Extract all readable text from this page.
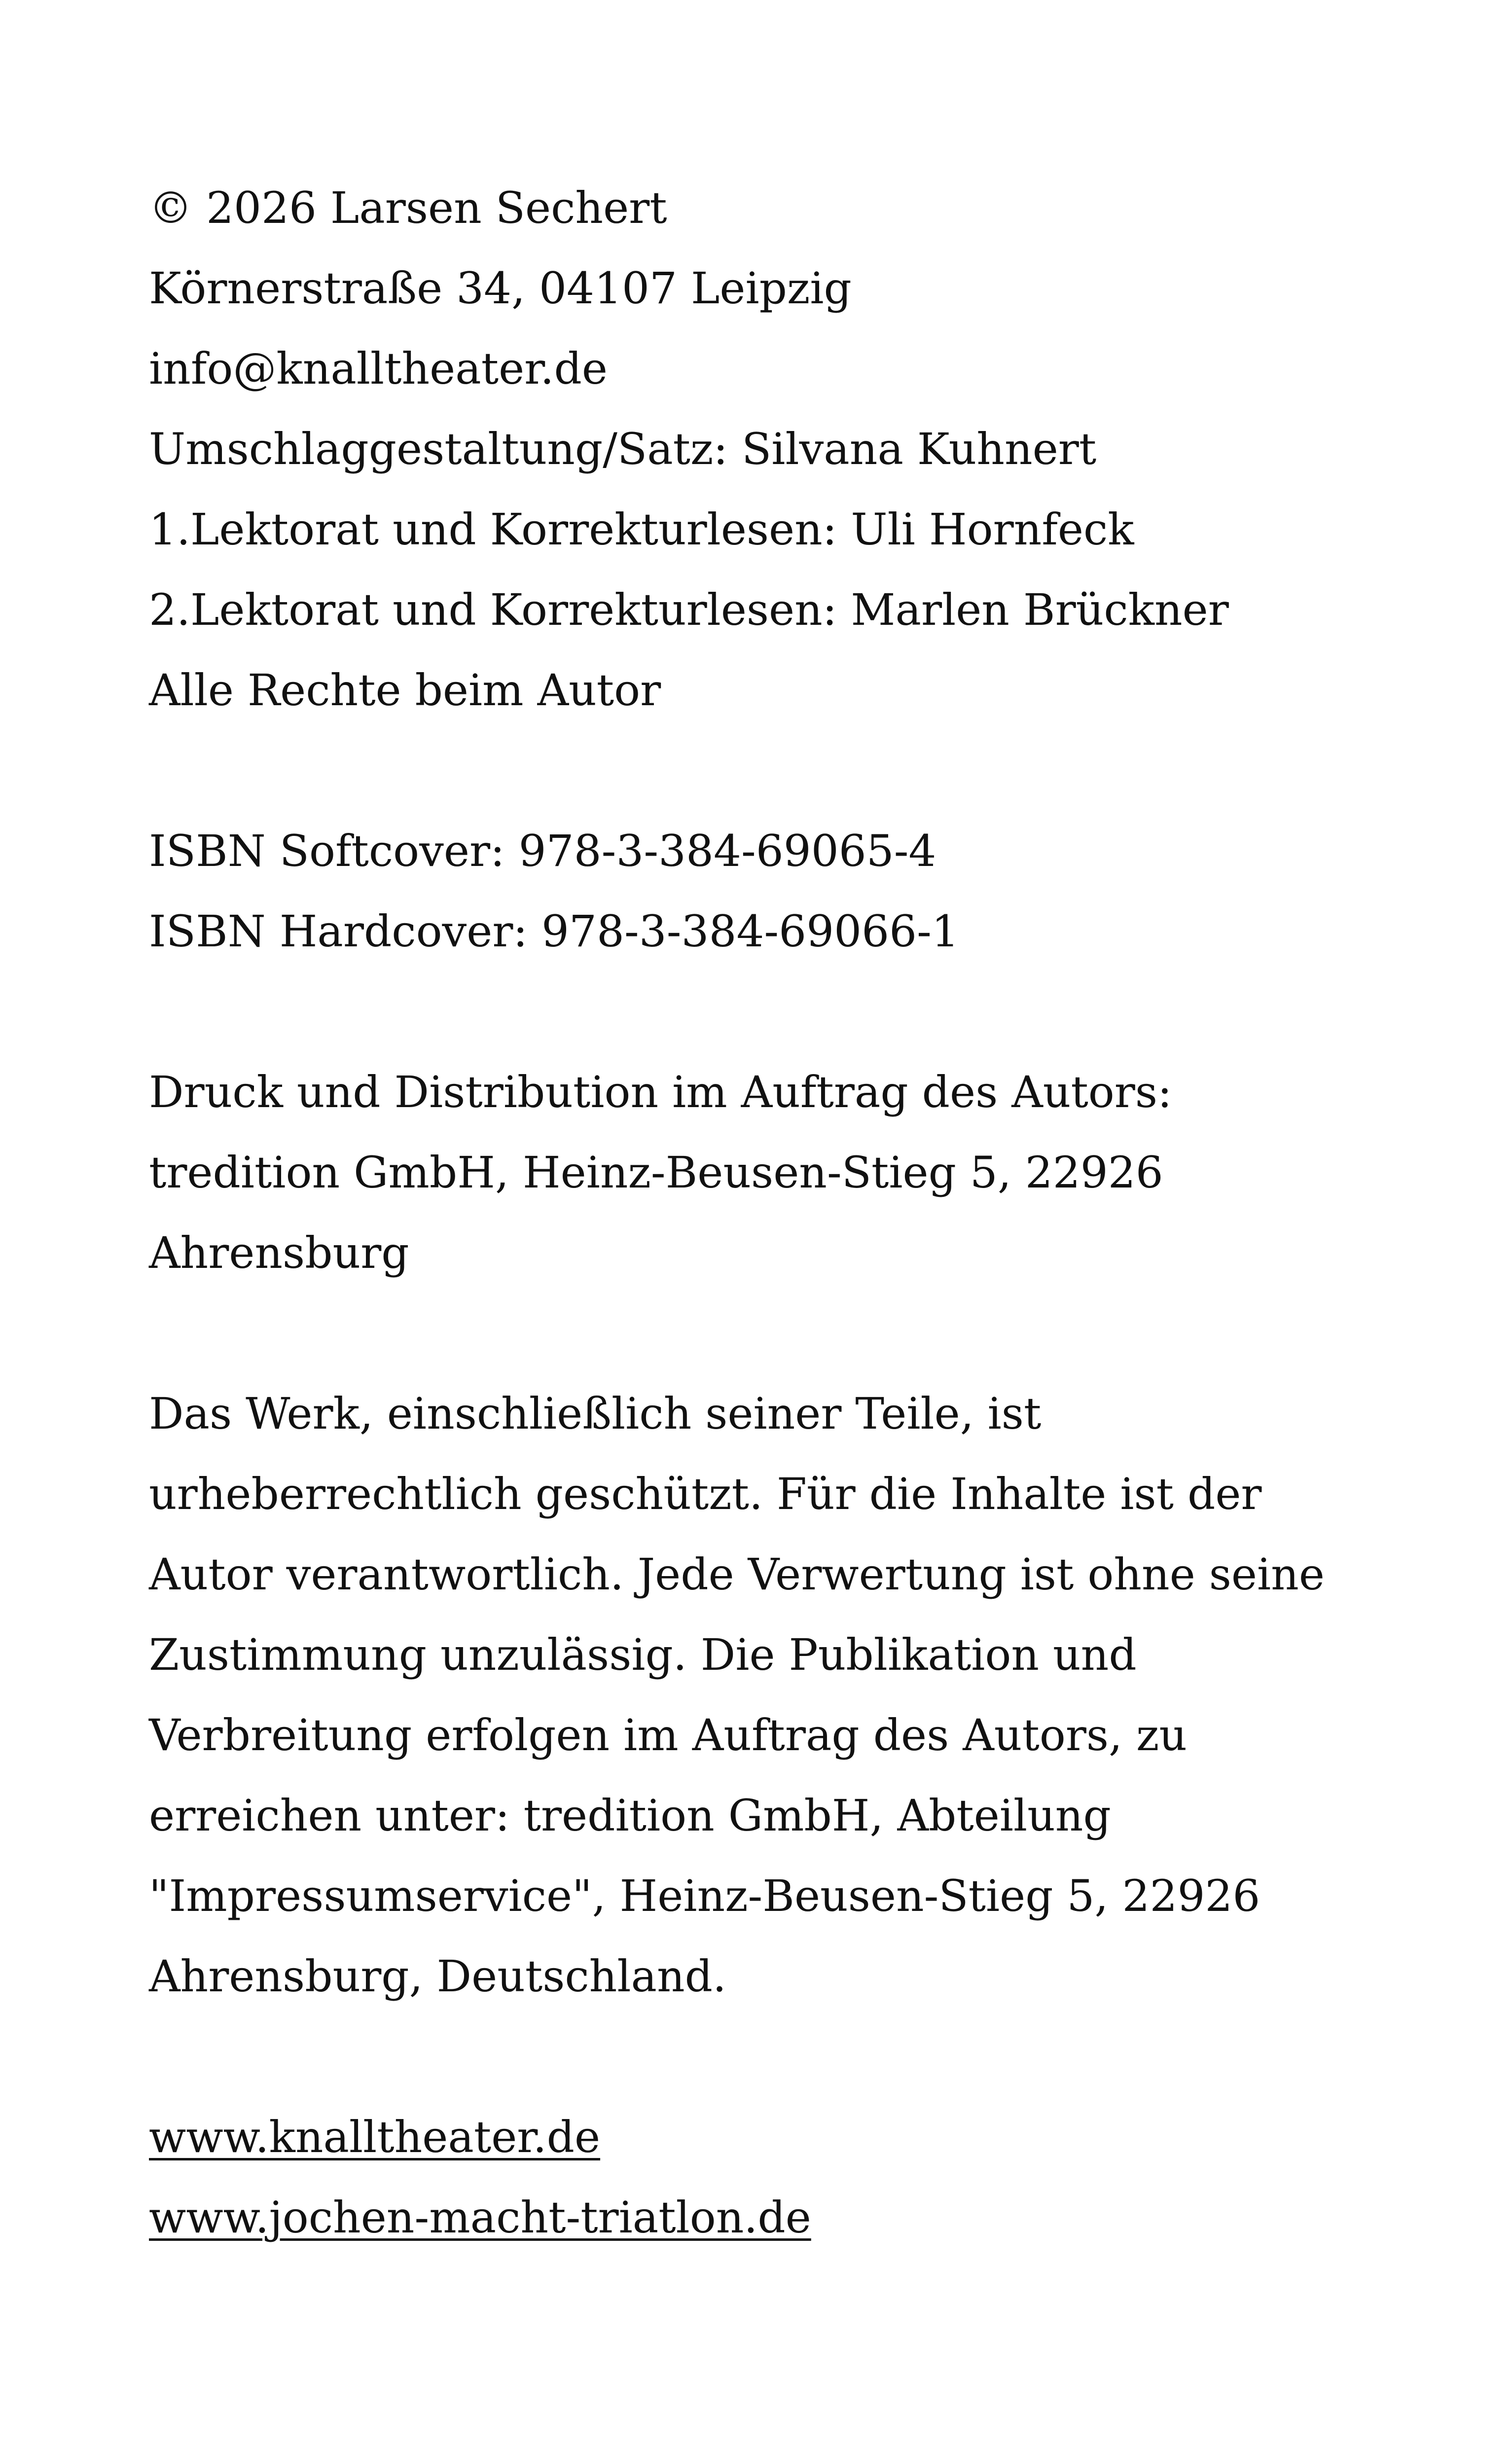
© 2026 Larsen Sechert
Körnerstraße 34, 04107 Leipzig
info@knalltheater.de
Umschlaggestaltung/Satz: Silvana Kuhnert
1.Lektorat und Korrekturlesen: Uli Hornfeck
2.Lektorat und Korrekturlesen: Marlen Brückner
Alle Rechte beim Autor
ISBN Softcover: 978-3-384-69065-4
ISBN Hardcover: 978-3-384-69066-1
Druck und Distribution im Auftrag des Autors:
tredition GmbH, Heinz-Beusen-Stieg 5, 22926
Ahrensburg
Das Werk, einschließlich seiner Teile, ist
urheberrechtlich geschützt. Für die Inhalte ist der
Autor verantwortlich. Jede Verwertung ist ohne seine
Zustimmung unzulässig. Die Publikation und
Verbreitung erfolgen im Auftrag des Autors, zu
erreichen unter: tredition GmbH, Abteilung
"Impressumservice", Heinz-Beusen-Stieg 5, 22926
Ahrensburg, Deutschland.
www.knalltheater.de
www.jochen-macht-triatlon.de
